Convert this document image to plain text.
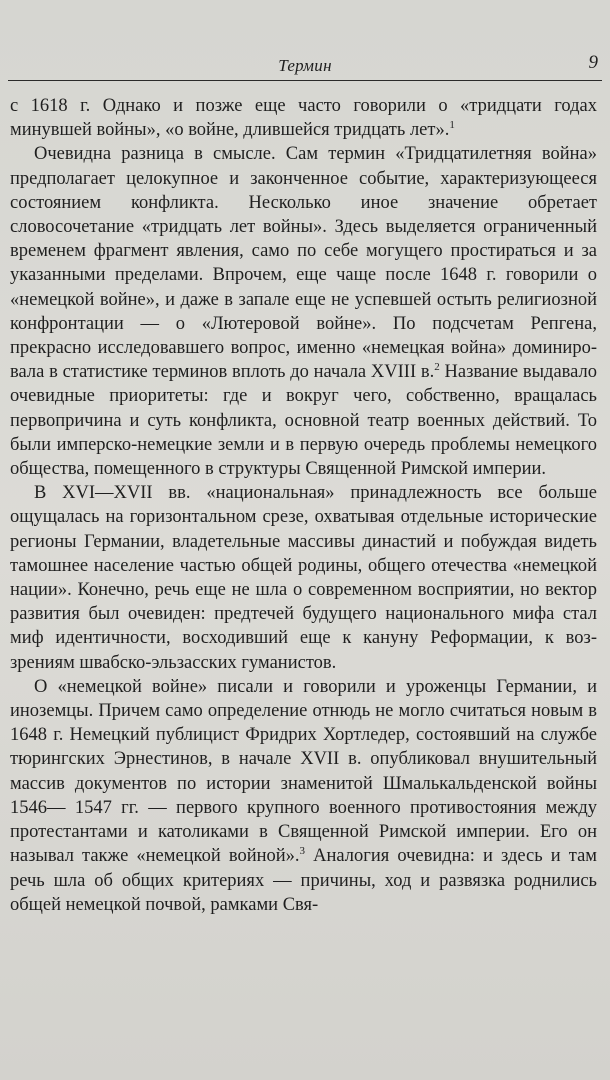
Термин	9

с 1618 г. Однако и позже еще часто говорили о «тридцати годах минувшей войны», «о войне, длившейся тридцать лет».$^1$

Очевидна разница в смысле. Сам термин «Тридцатилетняя война» предполагает целокупное и законченное событие, характеризующееся состоянием конфликта. Несколько иное значение обретает словосочетание «тридцать лет войны». Здесь выделяется ограниченный временем фрагмент явления, само по себе могущего простираться и за указанными пределами. Впрочем, еще чаще после 1648 г. говорили о «немецкой войне», и даже в запале еще не успевшей остыть религиозной конфронтации — о «Лютеровой войне». По подсчетам Репгена, прекрасно исследовавшего вопрос, именно «немецкая война» доминировала в статистике терминов вплоть до начала XVIII в.$^2$ Название выдавало очевидные приоритеты: где и вокруг чего, собственно, вращалась первопричина и суть конфликта, основной театр военных действий. То были имперско-немецкие земли и в первую очередь проблемы немецкого общества, помещенного в структуры Священной Римской империи.

В XVI—XVII вв. «национальная» принадлежность все больше ощущалась на горизонтальном срезе, охватывая отдельные исторические регионы Германии, владетельные массивы династий и побуждая видеть тамошнее население частью общей родины, общего отечества «немецкой нации». Конечно, речь еще не шла о современном восприятии, но вектор развития был очевиден: предтечей будущего национального мифа стал миф идентичности, восходивший еще к кануну Реформации, к воззрениям швабско-эльзасских гуманистов.

О «немецкой войне» писали и говорили и уроженцы Германии, и иноземцы. Причем само определение отнюдь не могло считаться новым в 1648 г. Немецкий публицист Фридрих Хортледер, состоявший на службе тюрингских Эрнестинов, в начале XVII в. опубликовал внушительный массив документов по истории знаменитой Шмалькальденской войны 1546— 1547 гг. — первого крупного военного противостояния между протестантами и католиками в Священной Римской империи. Его он называл также «немецкой войной».$^3$ Аналогия очевидна: и здесь и там речь шла об общих критериях — причины, ход и развязка роднились общей немецкой почвой, рамками Свя-
